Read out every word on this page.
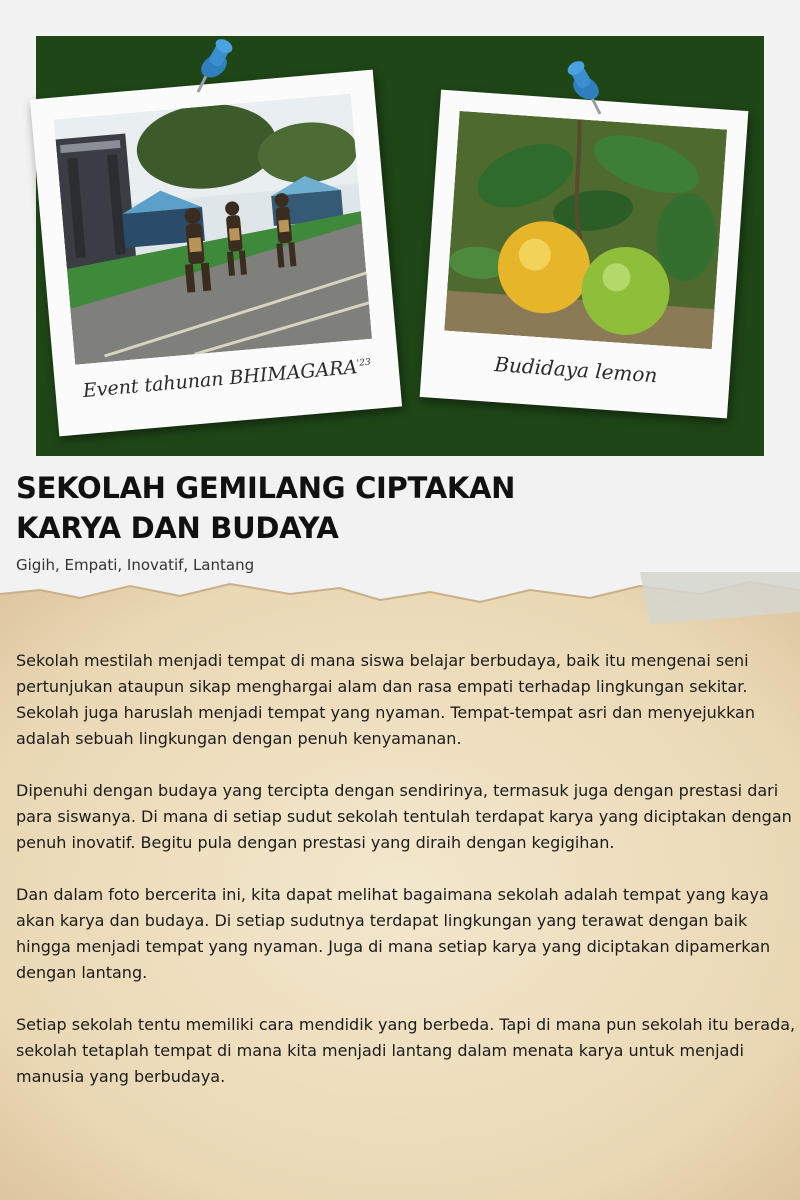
Event tahunan $BHIMAGARA^{'23}$	Budidaya lemon
SEKOLAH GEMILANG CIPTAKAN
KARYA DAN BUDAYA
Gigih, Empati, Inovatif, Lantang

Sekolah mestilah menjadi tempat di mana siswa belajar berbudaya, baik itu mengenai seni pertunjukan ataupun sikap menghargai alam dan rasa empati terhadap lingkungan sekitar. Sekolah juga haruslah menjadi tempat yang nyaman. Tempat-tempat asri dan menyejukkan adalah sebuah lingkungan dengan penuh kenyamanan.

Dipenuhi dengan budaya yang tercipta dengan sendirinya, termasuk juga dengan prestasi dari para siswanya. Di mana di setiap sudut sekolah tentulah terdapat karya yang diciptakan dengan penuh inovatif. Begitu pula dengan prestasi yang diraih dengan kegigihan.

Dan dalam foto bercerita ini, kita dapat melihat bagaimana sekolah adalah tempat yang kaya akan karya dan budaya. Di setiap sudutnya terdapat lingkungan yang terawat dengan baik hingga menjadi tempat yang nyaman. Juga di mana setiap karya yang diciptakan dipamerkan dengan lantang.

Setiap sekolah tentu memiliki cara mendidik yang berbeda. Tapi di mana pun sekolah itu berada, sekolah tetaplah tempat di mana kita menjadi lantang dalam menata karya untuk menjadi manusia yang berbudaya.
